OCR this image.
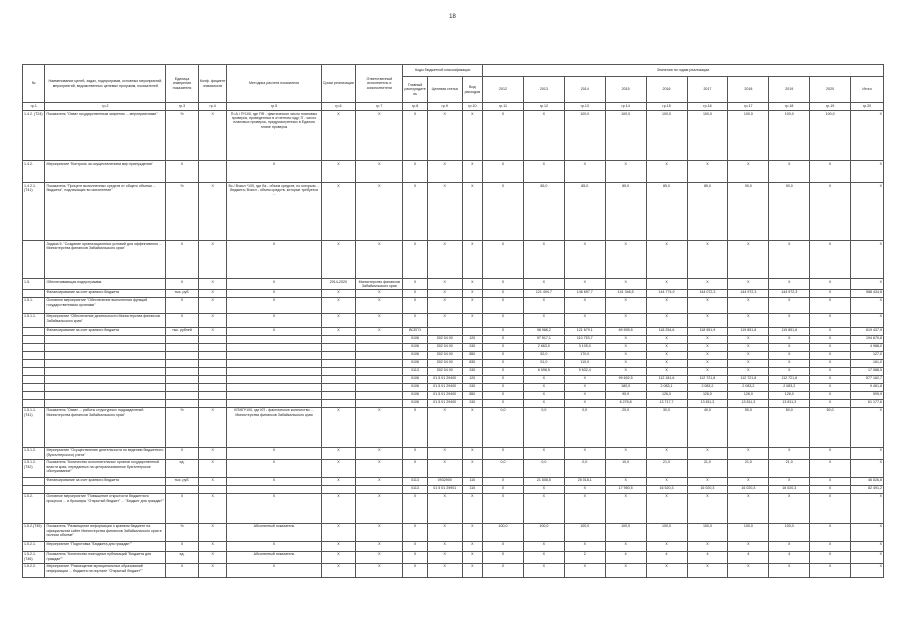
18
№	Наименование целей, задач, подпрограмм, основных мероприятий, мероприятий, ведомственных целевых программ, показателей	Единица измерения показателя	Коэф. фициент значимости	Методика расчета показателя	Сроки реализации	Ответственный исполнитель и соисполнители	Коды бюджетной классификации			Значения по годам реализации									
							Главный распорядитель	Целевая статья	Вид расходов	2012	2013	2014	2015	2016	2017	2018	2019	2020	Итого
гр.1	гр.2	гр.3	гр.4	гр.5	гр.6	гр.7	гр.8	гр.9	гр.10	гр.11	гр.12	гр.13	гр.14	гр.15	гр.16	гр.17	гр.18	гр.19	гр.20
1.4.2. (Т24)	Показатель "Охват государственным запретом ... мероприятиями"	%	Х	П=А / П*100, где ПФ - фактическое число плановых проверок, проведенных в отчетном году; П - число плановых проверок, предусмотренных в Едином плане проверок	Х	Х	Х	Х	Х	Х	Х	100,0	100,0	100,0	100,0	100,0	100,0	100,0	Х
1.4.2.	Мероприятие "Контроль за осуществлением мер принуждения"	Х		Х	Х	Х	Х	Х	Х	Х	Х	Х	Х	Х	Х	Х	Х	Х	Х
1.4.2.1. (Т41)	Показатель "Процент выполненных средств от общего объема ... бюджета", подлежащих во исполнение"	%	Х	Вз / Вчисл *100, где Вз - объем средств, по которым ... бюджета; Вчисл - объем средств, которые требуется ...	Х	Х	Х	Х	Х	Х	85,0	85,0	85,0	85,0	85,0	90,0	90,0	Х	Х
	Задача 5. "Создание организационных условий для эффективного ... Министерства финансов Забайкальского края"	Х	Х	Х	Х	Х	Х	Х	Х	Х	Х	Х	Х	Х	Х	Х	Х	Х	Х
1.5.	Обеспечивающая подпрограмма	Х	Х	Х	2014-2020	Министерство финансов Забайкальского края	Х	Х	Х	Х	Х	Х	Х	Х	Х	Х	Х	Х	Х
	Финансирование за счет краевого бюджета	тыс. руб.	Х	Х	Х	Х	Х	Х	Х	Х	121 494,7	146 697,7	141 346,5	144 774,9	144 072,3	144 972,3	144 972,3	Х	988 434,8
1.5.1.	Основное мероприятие "Обеспечение выполнения функций государственными органами"	Х	Х	Х	Х	Х	Х	Х	Х	Х	Х	Х	Х	Х	Х	Х	Х	Х	Х
1.5.1.1.	Мероприятие "Обеспечение деятельности Министерства финансов Забайкальского края"	Х	Х	Х	Х	Х	Х	Х	Х	Х	Х	Х	Х	Х	Х	Х	Х	Х	Х
	Финансирование за счет краевого бюджета	тыс. рублей	Х	Х	Х	Х	ВСЕГО			Х	98 986,2	121 679,1	69 595,5	118 254,6	118 951,9	119 851,8	119 851,8	Х	819 437,9
							0106	002 04 00	120	Х	97 517,1	110 753,7	Х	Х	Х	Х	Х	Х	194 670,8
							0106	002 04 00	240	Х	2 663,0	3 105,0	Х	Х	Х	Х	Х	Х	4 988,0
							0106	002 04 00	850	Х	52,0	170,0	Х	Х	Х	Х	Х	Х	127,0
							0106	002 04 00	830	Х	51,0	110,0	Х	Х	Х	Х	Х	Х	161,0
							0113	002 04 00	240	Х	6 098,5	9 632,4	Х	Х	Х	Х	Х	Х	17 088,5
							0106	01 5 01 29400	120	Х	Х	Х	99 692,5	112 181,6	112 721,8	112 721,8	112 721,8	Х	577 162,7
							0106	01 5 01 29400	240	Х	Х	Х	180,0	2 083,1	2 083,2	2 083,2	2 083,2	Х	9 461,8
							0106	01 5 01 29400	850	Х	Х	Х	95,9	126,0	126,0	126,0	126,0	Х	599,9
							0106	01 5 01 29400	240	Х	Х	Х	6 276,8	13 717,7	13 811,3	13 811,3	13 811,3	Х	61 177,6
1.5.1.1. (Т41)	Показатель "Охват ... работы структурных подразделений Министерства финансов Забайкальского края"	%	Х	КП/КП*100, где КП - фактическое количество ... Министерства финансов Забайкальского края	Х	Х	Х	Х	Х	0,0	0,0	0,0	20,0	30,0	40,0	50,0	50,0	50,0	Х
1.5.1.2.	Мероприятие "Осуществление деятельности по ведению бюджетного (бухгалтерского) учета"	Х	Х	Х	Х	Х	Х	Х	Х	Х	Х	Х	Х	Х	Х	Х	Х	Х	Х
1.5.1.2. (Т42)	Показатель "Количество исполнительных органов государственной власти края, переданных на централизованное бухгалтерское обслуживание"	ед.	Х	Х	Х	Х	Х	Х	Х	0,0	0,0	0,0	10,0	21,0	21,0	21,0	21,0	Х	Х
	Финансирование за счет краевого бюджета	тыс. руб.	Х	Х	Х	Х	0113	0932900	110	Х	21 508,5	25 018,1	Х	Х	Х	Х	Х	Х	46 526,6
							0113	01 5 01 29901	110	Х	Х	Х	17 950,5	16 520,3	16 020,3	16 020,3	16 020,3	Х	82 491,2
1.5.2.	Основное мероприятие "Повышение открытости бюджетного процесса ... и брошюры "Открытый бюджет" ... "Бюджет для граждан""	Х	Х	Х	Х	Х	Х	Х	Х	Х	Х	Х	Х	Х	Х	Х	Х	Х	Х
1.5.2.(Т45)	Показатель "Размещение информации о краевом бюджете на официальном сайте Министерства финансов Забайкальского края в полном объеме"	%	Х	Абсолютный показатель	Х	Х	Х	Х	Х	100,0	100,0	100,0	100,0	100,0	100,0	100,0	100,0	Х	Х
1.5.2.1.	Мероприятие "Подготовка "Бюджета для граждан""	Х	Х	Х	Х	Х	Х	Х	Х	Х	Х	Х	Х	Х	Х	Х	Х	Х	Х
1.5.2.1. (Т46)	Показатель "Количество ежегодных публикаций "Бюджета для граждан""	ед.	Х	Абсолютный показатель	Х	Х	Х	Х	Х	Х	Х	2	4	4	4	4	4	Х	Х
1.5.2.2.	Мероприятие "Размещение муниципальных образований информации ... бюджета на портале "Открытый бюджет""	Х	Х	Х	Х	Х	Х	Х	Х	Х	Х	Х	Х	Х	Х	Х	Х	Х	Х
